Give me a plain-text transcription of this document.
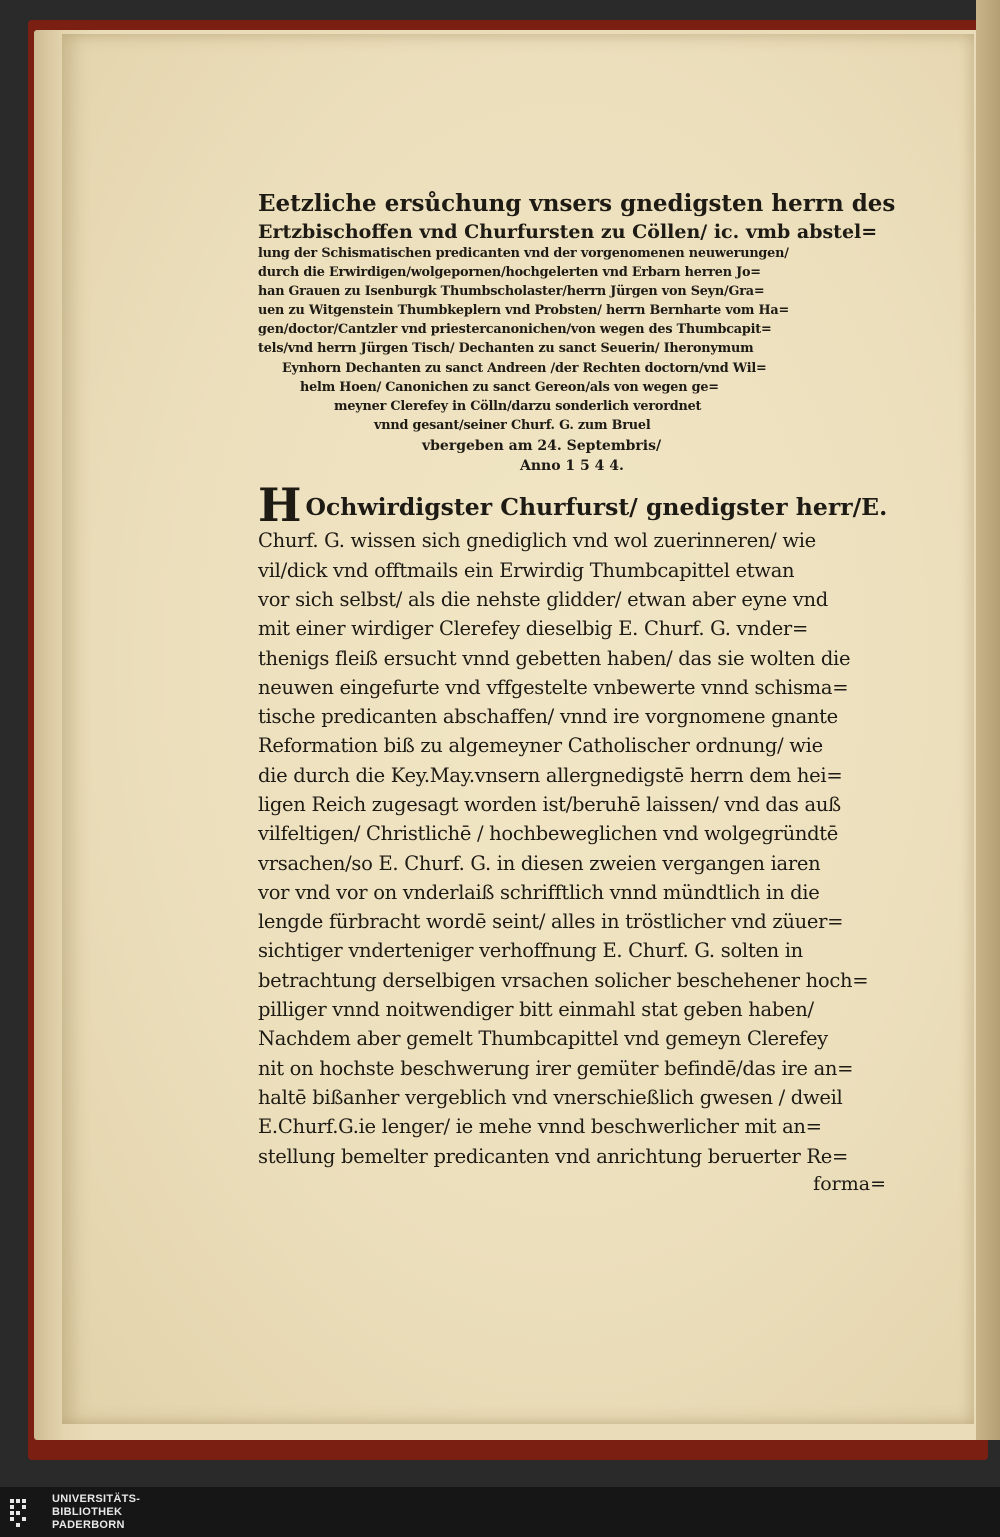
Eetzliche ersůchung vnsers gnedigsten herrn des
Ertzbischoffen vnd Churfursten zu Cöllen/ ic. vmb abstel=
lung der Schismatischen predicanten vnd der vorgenomenen neuwerungen/
durch die Erwirdigen/wolgepornen/hochgelerten vnd Erbarn herren Jo=
han Grauen zu Isenburgk Thumbscholaster/herrn Jürgen von Seyn/Gra=
uen zu Witgenstein Thumbkeplern vnd Probsten/ herrn Bernharte vom Ha=
gen/doctor/Cantzler vnd priestercanonichen/von wegen des Thumbcapit=
tels/vnd herrn Jürgen Tisch/ Dechanten zu sanct Seuerin/ Iheronymum
Eynhorn Dechanten zu sanct Andreen /der Rechten doctorn/vnd Wil=
helm Hoen/ Canonichen zu sanct Gereon/als von wegen ge=
meyner Clerefey in Cölln/darzu sonderlich verordnet
vnnd gesant/seiner Churf. G. zum Bruel
vbergeben am 24. Septembris/
Anno 1 5 4 4.
H Ochwirdigster Churfurst/ gnedigster herr/E.
Churf. G. wissen sich gnediglich vnd wol zuerinneren/ wie
vil/dick vnd offtmails ein Erwirdig Thumbcapittel etwan
vor sich selbst/ als die nehste glidder/ etwan aber eyne vnd
mit einer wirdiger Clerefey dieselbig E. Churf. G. vnder=
thenigs fleiß ersucht vnnd gebetten haben/ das sie wolten die
neuwen eingefurte vnd vffgestelte vnbewerte vnnd schisma=
tische predicanten abschaffen/ vnnd ire vorgnomene gnante
Reformation biß zu algemeyner Catholischer ordnung/ wie
die durch die Key.May.vnsern allergnedigstē herrn dem hei=
ligen Reich zugesagt worden ist/beruhē laissen/ vnd das auß
vilfeltigen/ Christlichē / hochbeweglichen vnd wolgegründtē
vrsachen/so E. Churf. G. in diesen zweien vergangen iaren
vor vnd vor on vnderlaiß schrifftlich vnnd mündtlich in die
lengde fürbracht wordē seint/ alles in tröstlicher vnd züuer=
sichtiger vnderteniger verhoffnung E. Churf. G. solten in
betrachtung derselbigen vrsachen solicher beschehener hoch=
pilliger vnnd noitwendiger bitt einmahl stat geben haben/
Nachdem aber gemelt Thumbcapittel vnd gemeyn Clerefey
nit on hochste beschwerung irer gemüter befindē/das ire an=
haltē bißanher vergeblich vnd vnerschießlich gwesen / dweil
E.Churf.G.ie lenger/ ie mehe vnnd beschwerlicher mit an=
stellung bemelter predicanten vnd anrichtung beruerter Re=
forma=
UNIVERSITÄTS-
BIBLIOTHEK
PADERBORN
